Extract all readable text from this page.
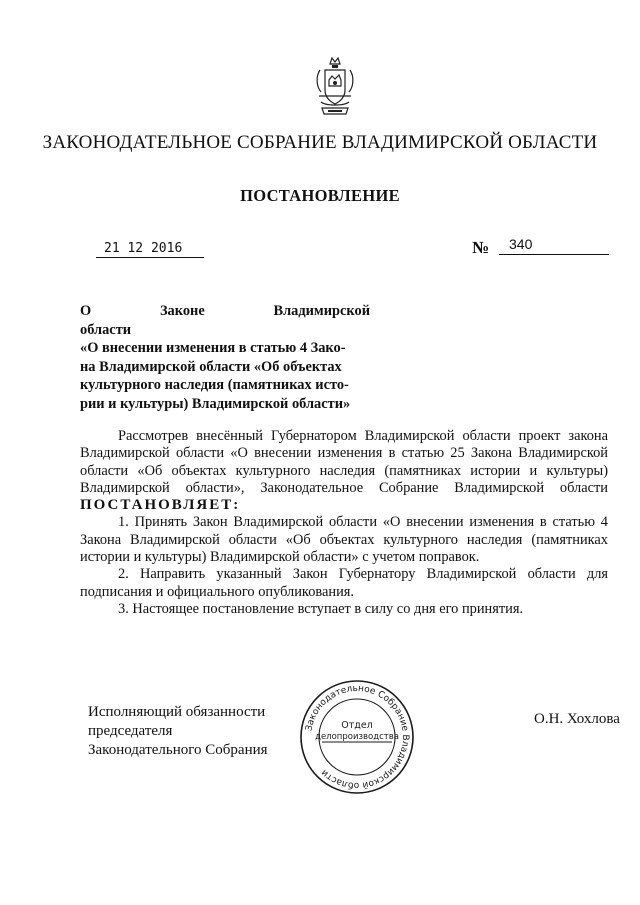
ЗАКОНОДАТЕЛЬНОЕ СОБРАНИЕ ВЛАДИМИРСКОЙ ОБЛАСТИ
ПОСТАНОВЛЕНИЕ
21 12 2016	№	340
О Законе Владимирской области
«О внесении изменения в статью 4 Зако-
на Владимирской области «Об объектах
культурного наследия (памятниках исто-
рии и культуры) Владимирской области»

Рассмотрев внесённый Губернатором Владимирской области проект закона Владимирской области «О внесении изменения в статью 25 Закона Владимирской области «Об объектах культурного наследия (памятниках истории и культуры) Владимирской области», Законодательное Собрание Владимирской области ПОСТАНОВЛЯЕТ:

1. Принять Закон Владимирской области «О внесении изменения в статью 4 Закона Владимирской области «Об объектах культурного наследия (памятниках истории и культуры) Владимирской области» с учетом поправок.

2. Направить указанный Закон Губернатору Владимирской области для подписания и официального опубликования.

3. Настоящее постановление вступает в силу со дня его принятия.

Исполняющий обязанности председателя
Законодательного Собрания
О.Н. Хохлова
Законодательное Собрание Владимирской области
Отдел
делопроизводства
